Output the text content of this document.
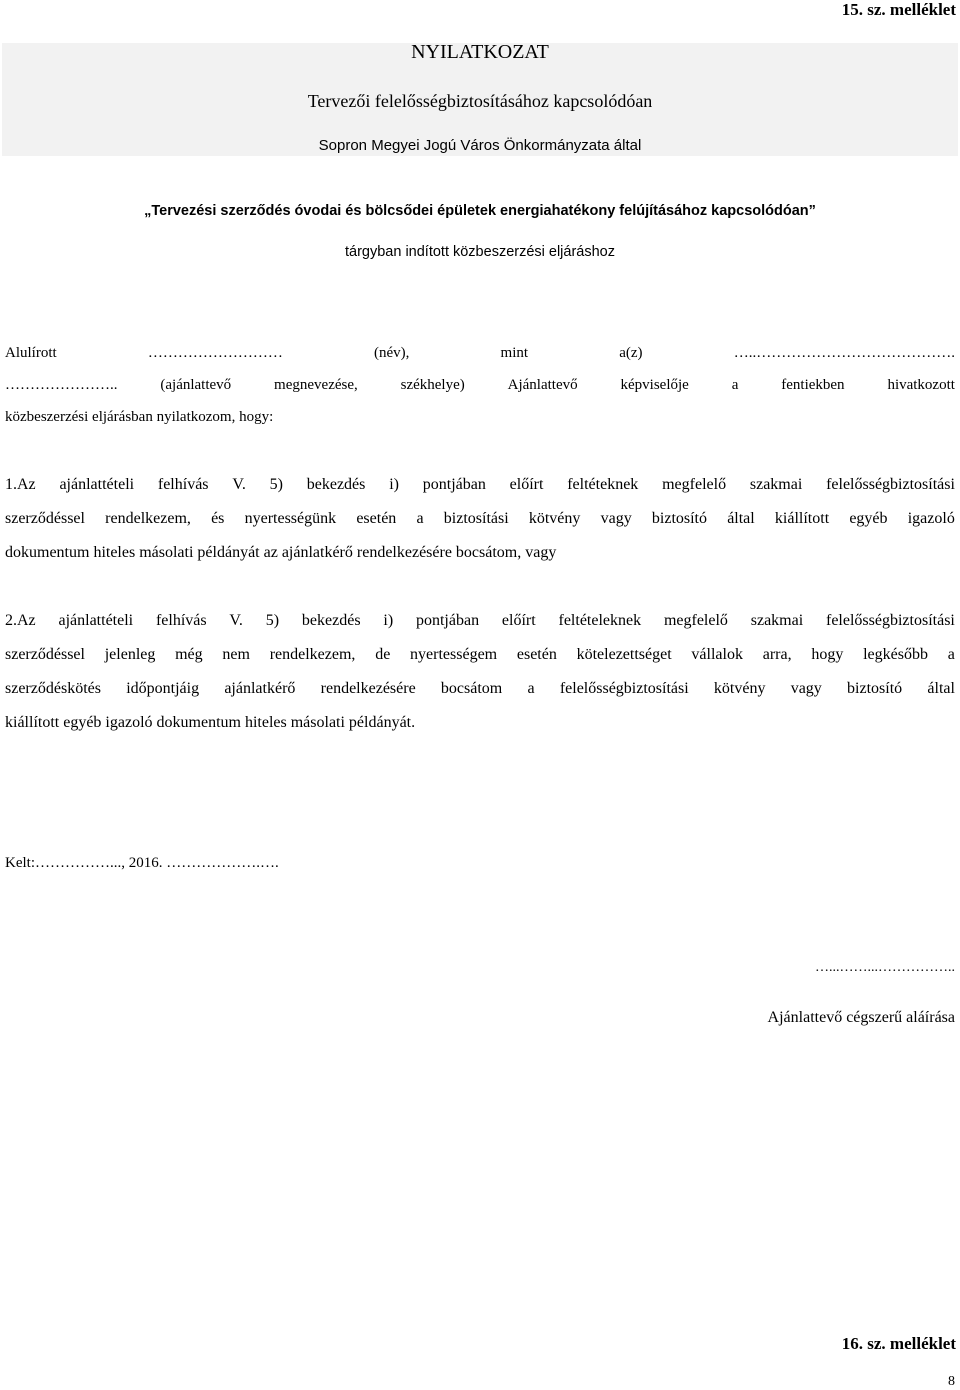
15. sz. melléklet
NYILATKOZAT
Tervezői felelősségbiztosításához kapcsolódóan
Sopron Megyei Jogú Város Önkormányzata által
„Tervezési szerződés óvodai és bölcsődei épületek energiahatékony felújításához kapcsolódóan”
tárgyban indított közbeszerzési eljáráshoz
Alulírott	………………………	(név),	mint	a(z)	…..………………………………….
…………………..	(ajánlattevő	megnevezése,	székhelye)	Ajánlattevő	képviselője	a	fentiekben	hivatkozott
közbeszerzési eljárásban nyilatkozom, hogy:
1.Az ajánlattételi felhívás V. 5) bekezdés i) pontjában előírt feltéteknek megfelelő szakmai felelősségbiztosítási
szerződéssel rendelkezem, és nyertességünk esetén a biztosítási kötvény vagy biztosító által kiállított egyéb igazoló
dokumentum hiteles másolati példányát az ajánlatkérő rendelkezésére bocsátom, vagy
2.Az ajánlattételi felhívás V. 5) bekezdés i) pontjában előírt feltételeknek megfelelő szakmai felelősségbiztosítási
szerződéssel jelenleg még nem rendelkezem, de nyertességem esetén kötelezettséget vállalok arra, hogy legkésőbb a
szerződéskötés időpontjáig ajánlatkérő rendelkezésére bocsátom a felelősségbiztosítási kötvény vagy biztosító által
kiállított egyéb igazoló dokumentum hiteles másolati példányát.
Kelt:……………..., 2016. ……………….….
…...……...……………..
Ajánlattevő cégszerű aláírása
16. sz. melléklet
8
